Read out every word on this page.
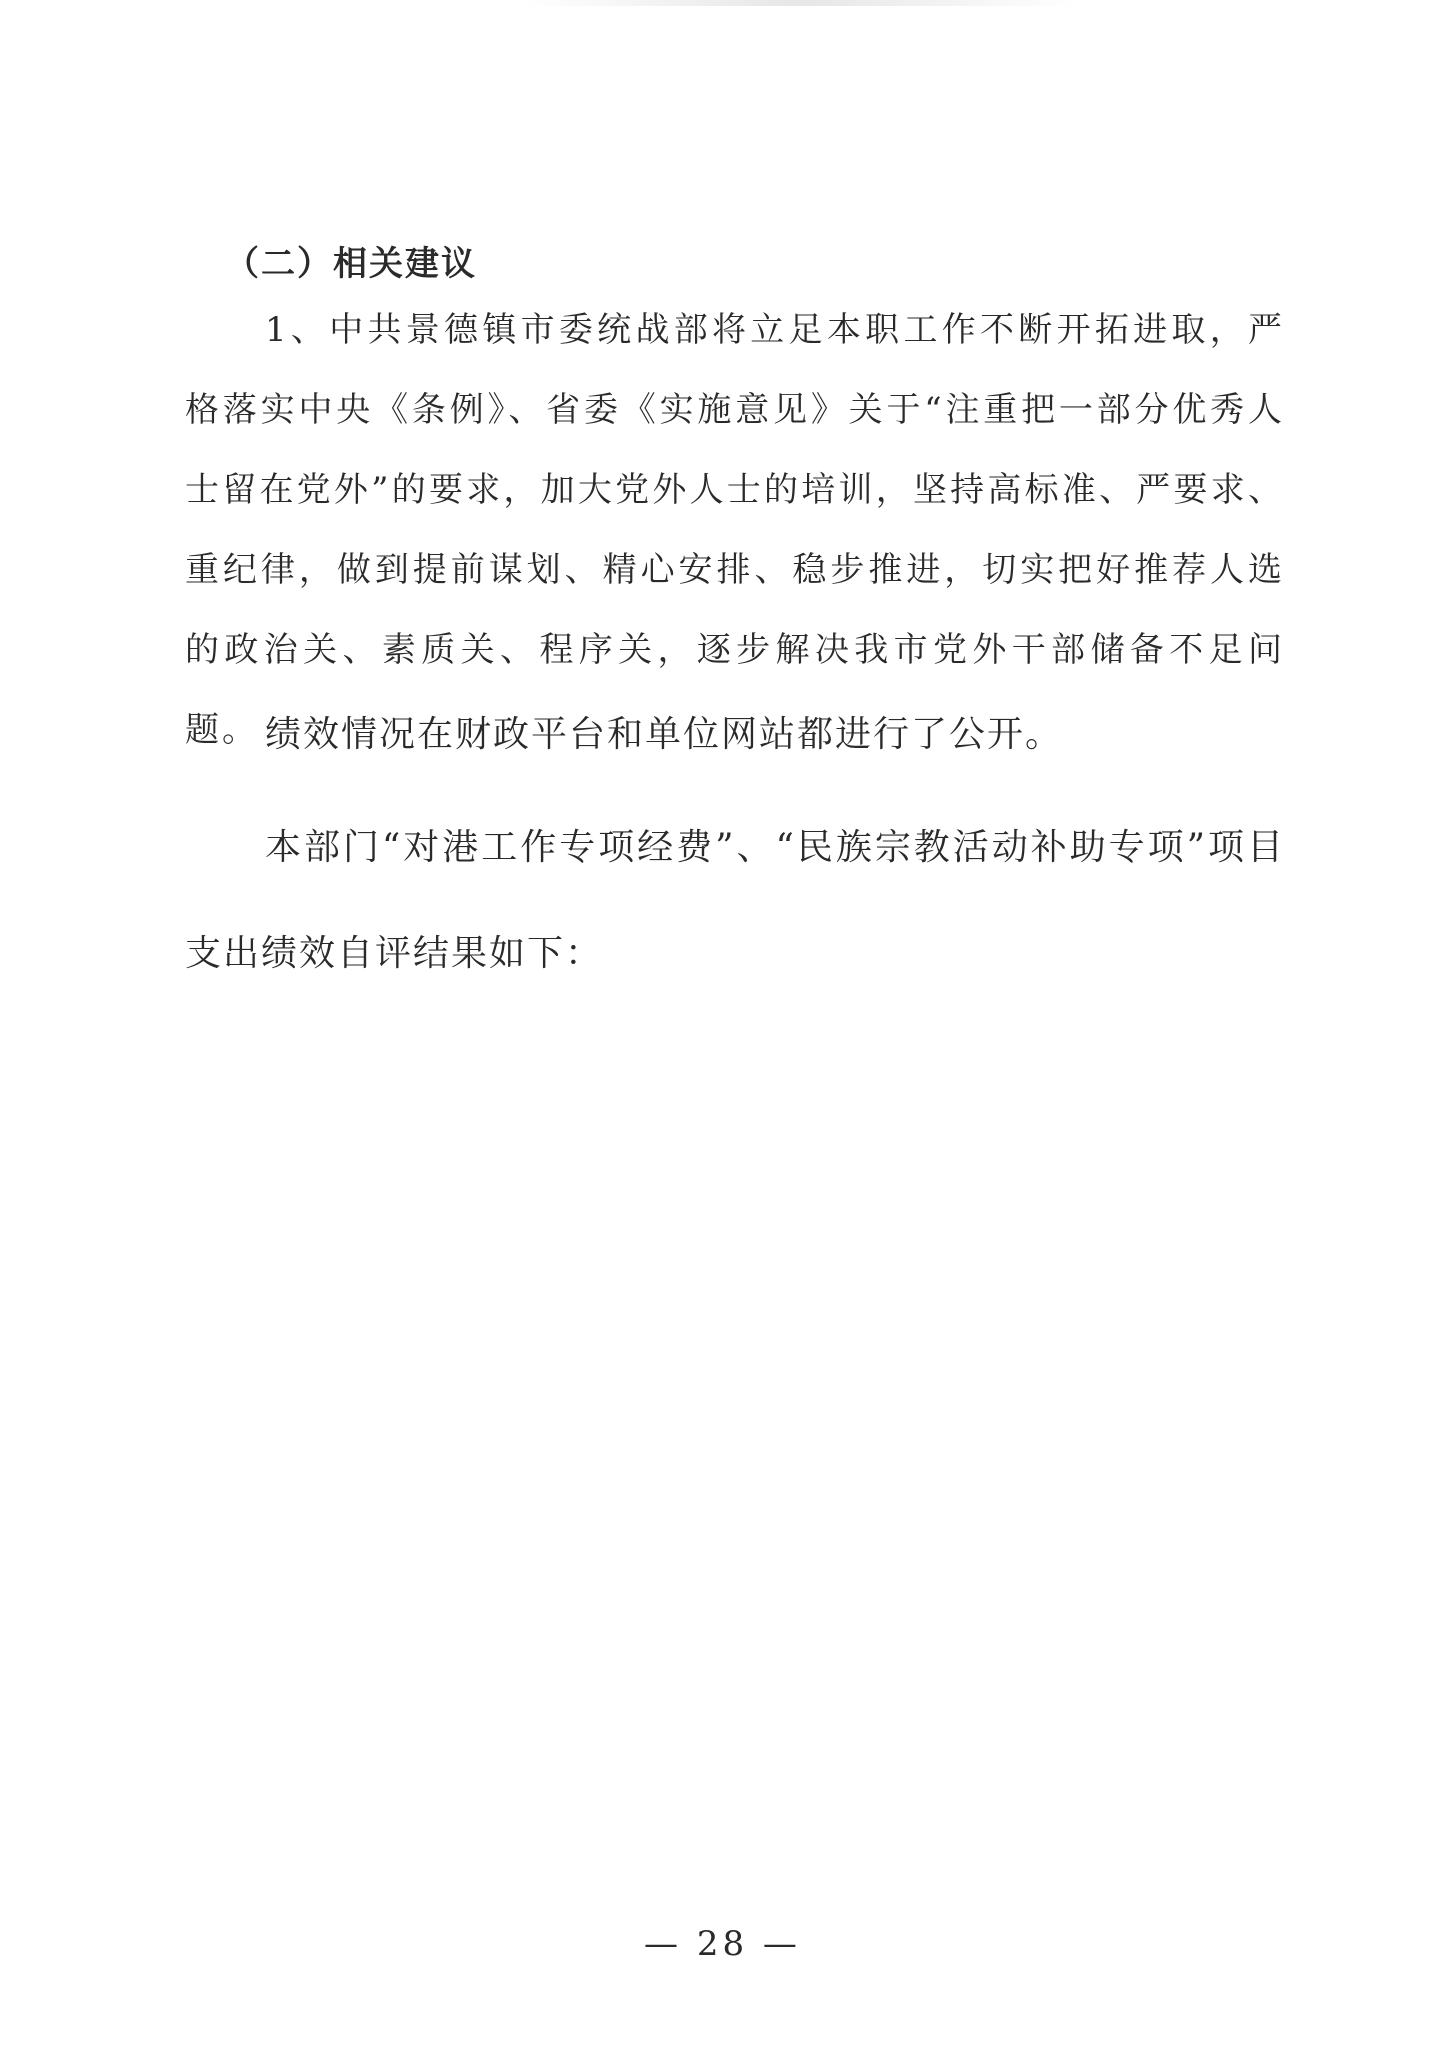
（二）相关建议
1、中共景德镇市委统战部将立足本职工作不断开拓进取，严格落实中央《条例》、省委《实施意见》关于“注重把一部分优秀人士留在党外”的要求，加大党外人士的培训，坚持高标准、严要求、重纪律，做到提前谋划、精心安排、稳步推进，切实把好推荐人选的政治关、素质关、程序关，逐步解决我市党外干部储备不足问题。 绩效情况在财政平台和单位网站都进行了公开。
本部门“对港工作专项经费”、“民族宗教活动补助专项”项目支出绩效自评结果如下：
— 28 —
